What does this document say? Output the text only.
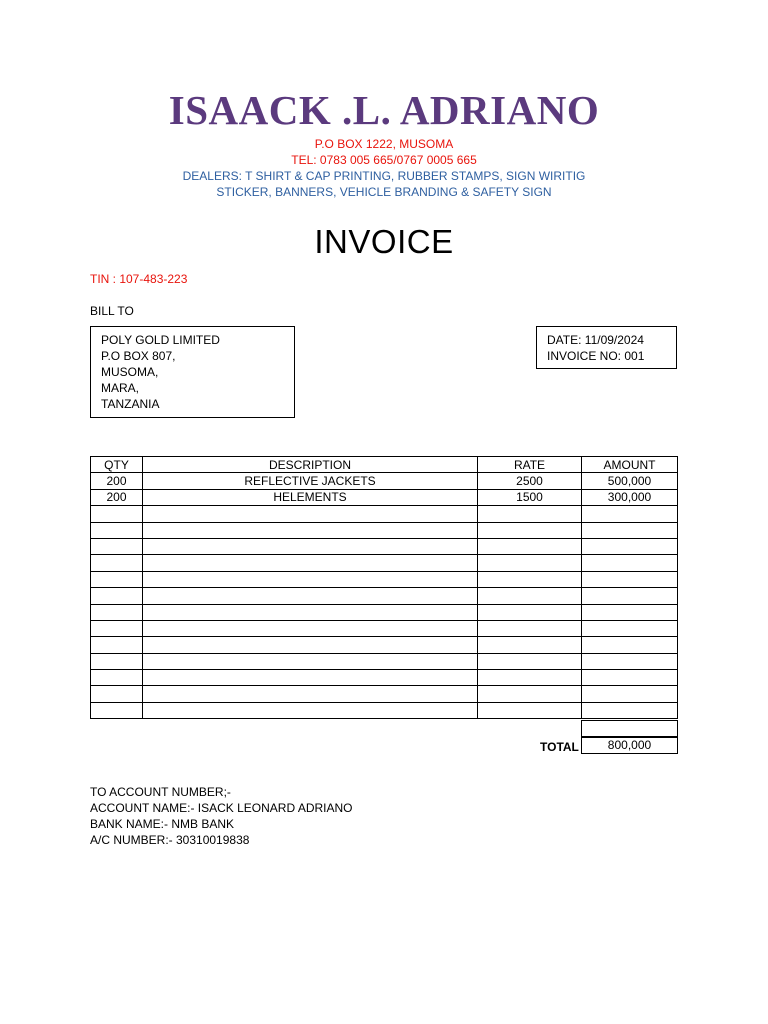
ISAACK .L. ADRIANO
P.O BOX 1222, MUSOMA
TEL: 0783 005 665/0767 0005 665
DEALERS: T SHIRT & CAP PRINTING, RUBBER STAMPS, SIGN WIRITIG
STICKER, BANNERS, VEHICLE BRANDING & SAFETY SIGN
INVOICE
TIN : 107-483-223
BILL TO
POLY GOLD LIMITED
P.O BOX 807,
MUSOMA,
MARA,
TANZANIA
DATE: 11/09/2024
INVOICE NO: 001
QTY	DESCRIPTION	RATE	AMOUNT
200	REFLECTIVE JACKETS	2500	500,000
200	HELEMENTS	1500	300,000

TOTAL	800,000
TO ACCOUNT NUMBER;-
ACCOUNT NAME:- ISACK LEONARD ADRIANO
BANK NAME:- NMB BANK
A/C NUMBER:- 30310019838
